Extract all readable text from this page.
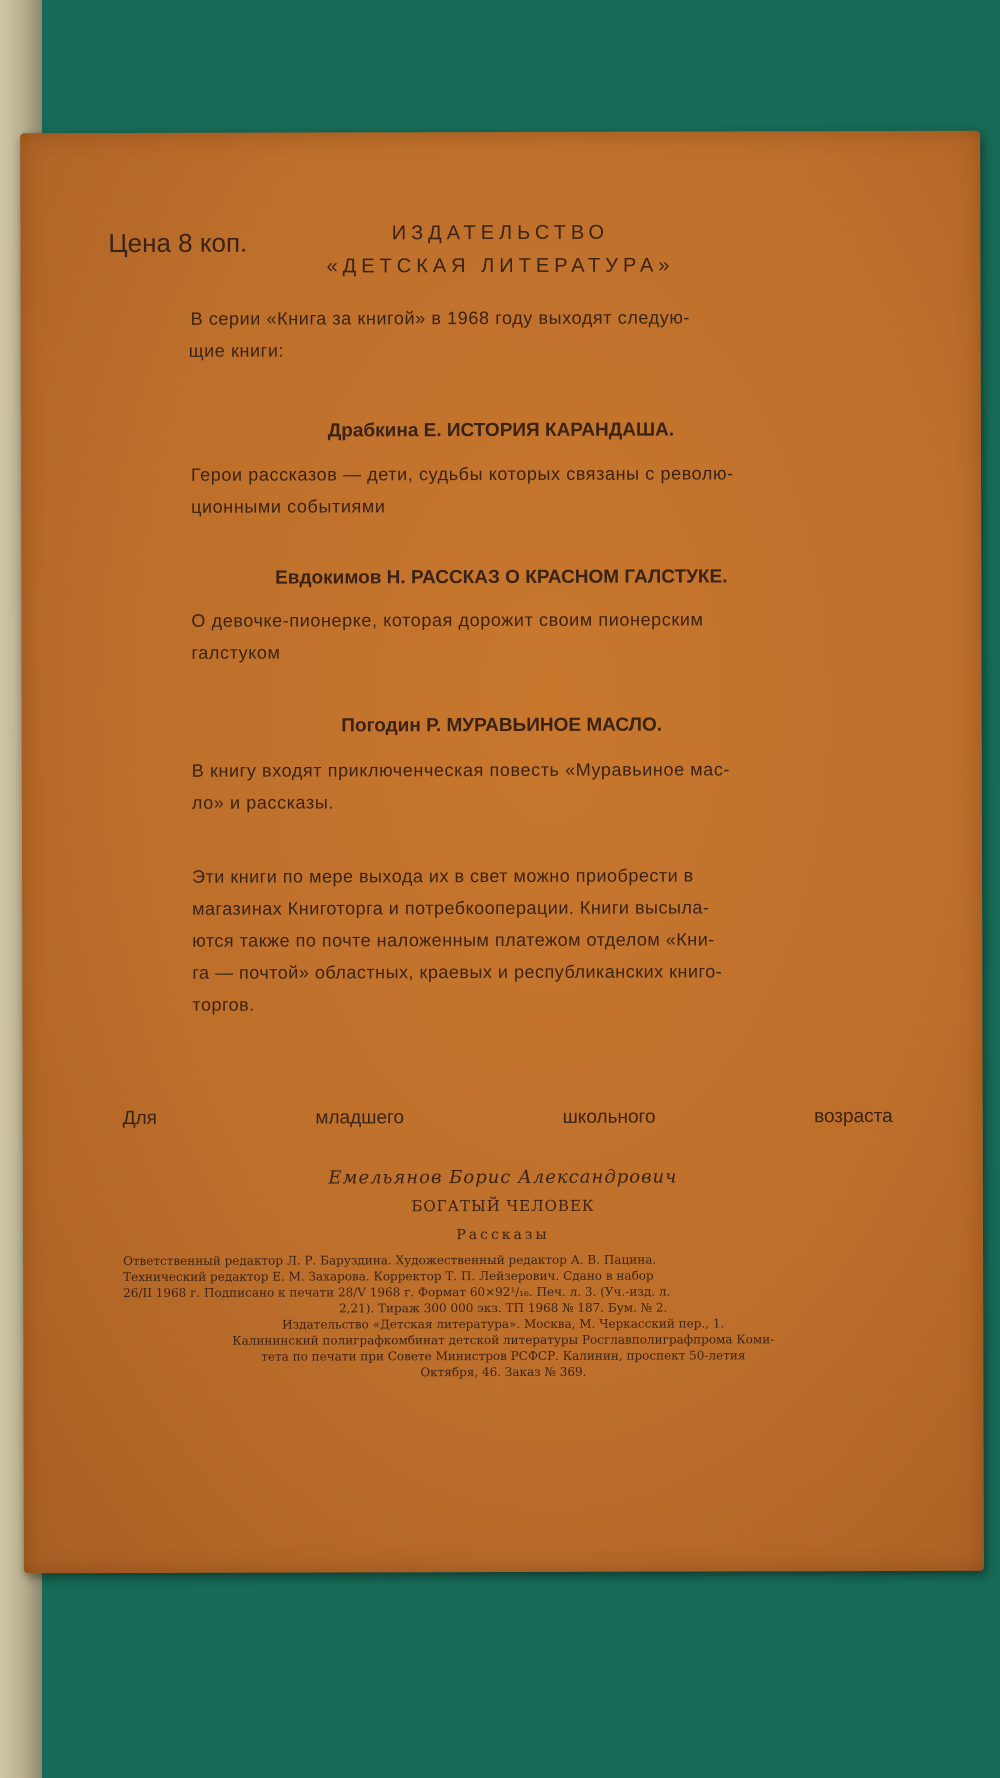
Цена 8 коп.	ИЗДАТЕЛЬСТВО

«ДЕТСКАЯ ЛИТЕРАТУРА»

В серии «Книга за книгой» в 1968 году выходят следую-

щие книги:

Драбкина Е. ИСТОРИЯ КАРАНДАША.

Герои рассказов — дети, судьбы которых связаны с револю-

ционными событиями

Евдокимов Н. РАССКАЗ О КРАСНОМ ГАЛСТУКЕ.

О девочке-пионерке, которая дорожит своим пионерским

галстуком

Погодин Р. МУРАВЬИНОЕ МАСЛО.

В книгу входят приключенческая повесть «Муравьиное мас-

ло» и рассказы.

Эти книги по мере выхода их в свет можно приобрести в
магазинах Книготорга и потребкооперации. Книги высыла-
ются также по почте наложенным платежом отделом «Кни-
га — почтой» областных, краевых и республиканских книго-
торгов.
Для	младшего	школьного	возраста

Емельянов Борис Александрович

БОГАТЫЙ ЧЕЛОВЕК

Рассказы

Ответственный редактор Л. Р. Баруздина. Художественный редактор А. В. Пацина.
Технический редактор Е. М. Захарова. Корректор Т. П. Лейзерович. Сдано в набор
26/II 1968 г. Подписано к печати 28/V 1968 г. Формат 60×92¹/₁₆. Печ. л. 3. (Уч.-изд. л.
2,21). Тираж 300 000 экз. ТП 1968 № 187. Бум. № 2.
Издательство «Детская литература». Москва, М. Черкасский пер., 1.
Калининский полиграфкомбинат детской литературы Росглавполиграфпрома Коми-
тета по печати при Совете Министров РСФСР. Калинин, проспект 50-летия
Октября, 46. Заказ № 369.
